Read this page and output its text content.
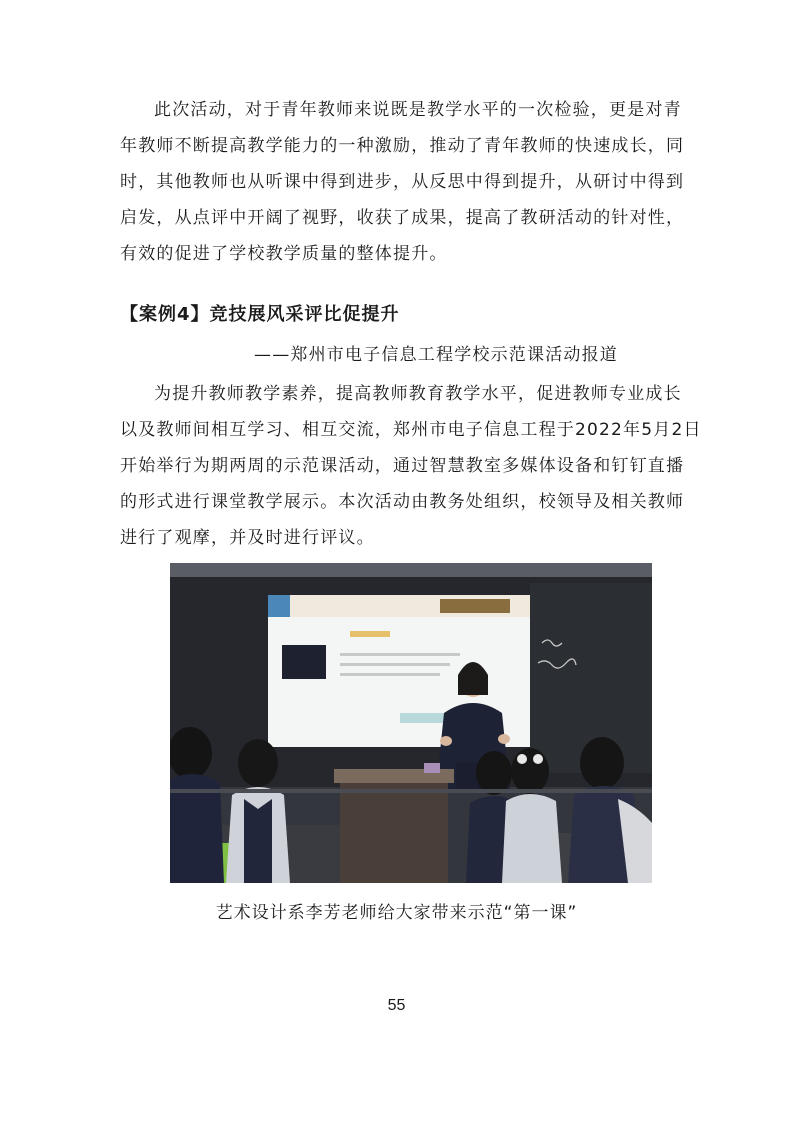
此次活动，对于青年教师来说既是教学水平的一次检验，更是对青
年教师不断提高教学能力的一种激励，推动了青年教师的快速成长，同
时，其他教师也从听课中得到进步，从反思中得到提升，从研讨中得到
启发，从点评中开阔了视野，收获了成果，提高了教研活动的针对性，
有效的促进了学校教学质量的整体提升。

【案例4】竞技展风采评比促提升

——郑州市电子信息工程学校示范课活动报道

为提升教师教学素养，提高教师教育教学水平，促进教师专业成长
以及教师间相互学习、相互交流，郑州市电子信息工程于2022年5月2日
开始举行为期两周的示范课活动，通过智慧教室多媒体设备和钉钉直播
的形式进行课堂教学展示。本次活动由教务处组织，校领导及相关教师
进行了观摩，并及时进行评议。

艺术设计系李芳老师给大家带来示范“第一课”

55
